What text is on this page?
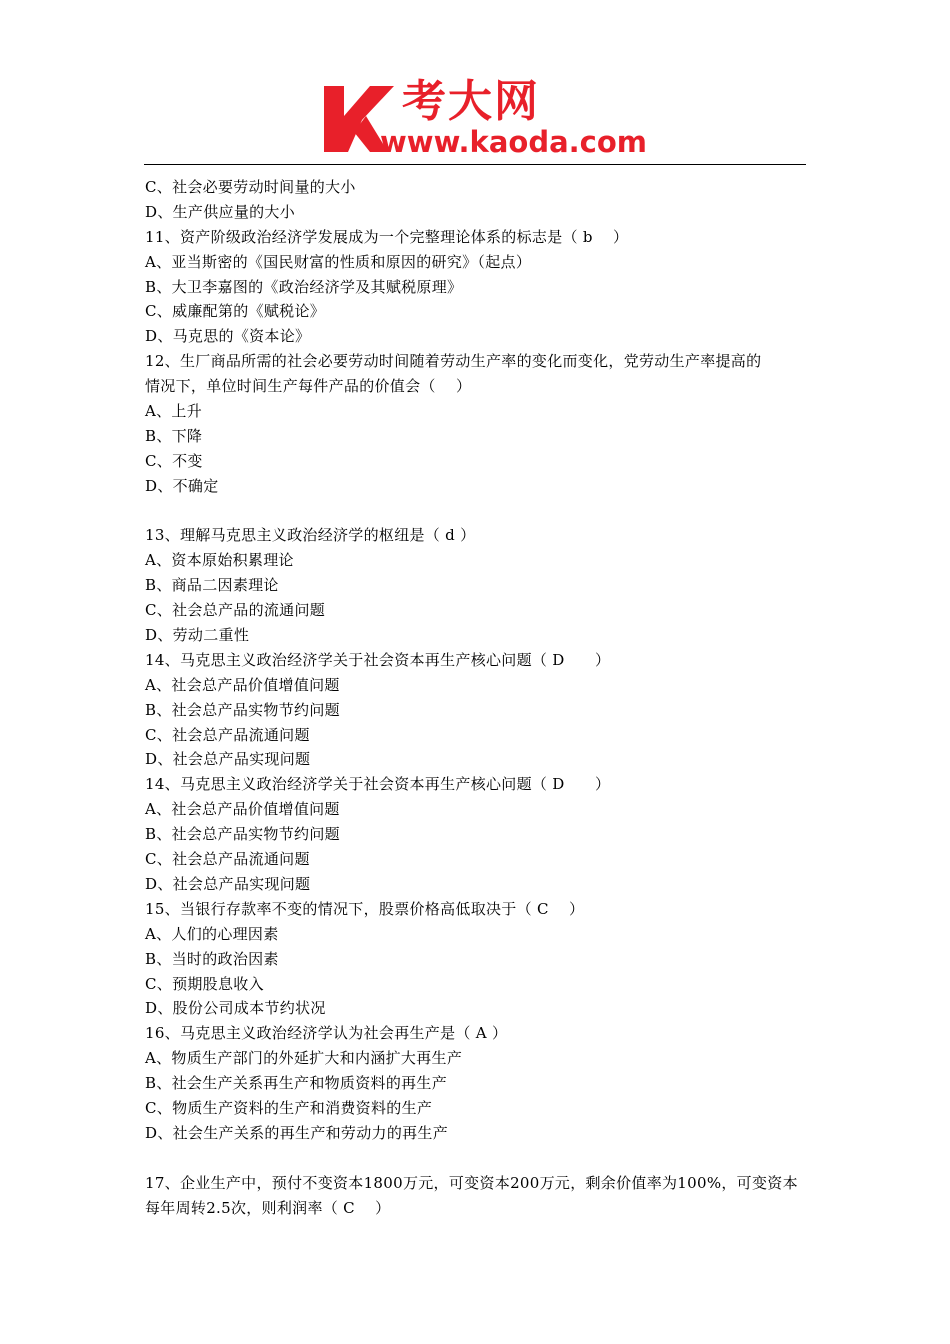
考大网
www.kaoda.com
C、社会必要劳动时间量的大小
D、生产供应量的大小
11、资产阶级政治经济学发展成为一个完整理论体系的标志是（ b    ）
A、亚当斯密的《国民财富的性质和原因的研究》（起点）
B、大卫李嘉图的《政治经济学及其赋税原理》
C、威廉配第的《赋税论》
D、马克思的《资本论》
12、生厂商品所需的社会必要劳动时间随着劳动生产率的变化而变化，党劳动生产率提高的
情况下，单位时间生产每件产品的价值会（    ）
A、上升
B、下降
C、不变
D、不确定
13、理解马克思主义政治经济学的枢纽是（ d ）
A、资本原始积累理论
B、商品二因素理论
C、社会总产品的流通问题
D、劳动二重性
14、马克思主义政治经济学关于社会资本再生产核心问题（ D      ）
A、社会总产品价值增值问题
B、社会总产品实物节约问题
C、社会总产品流通问题
D、社会总产品实现问题
14、马克思主义政治经济学关于社会资本再生产核心问题（ D      ）
A、社会总产品价值增值问题
B、社会总产品实物节约问题
C、社会总产品流通问题
D、社会总产品实现问题
15、当银行存款率不变的情况下，股票价格高低取决于（ C    ）
A、人们的心理因素
B、当时的政治因素
C、预期股息收入
D、股份公司成本节约状况
16、马克思主义政治经济学认为社会再生产是（ A ）
A、物质生产部门的外延扩大和内涵扩大再生产
B、社会生产关系再生产和物质资料的再生产
C、物质生产资料的生产和消费资料的生产
D、社会生产关系的再生产和劳动力的再生产
17、企业生产中，预付不变资本1800万元，可变资本200万元，剩余价值率为100%，可变资本
每年周转2.5次，则利润率（ C    ）
